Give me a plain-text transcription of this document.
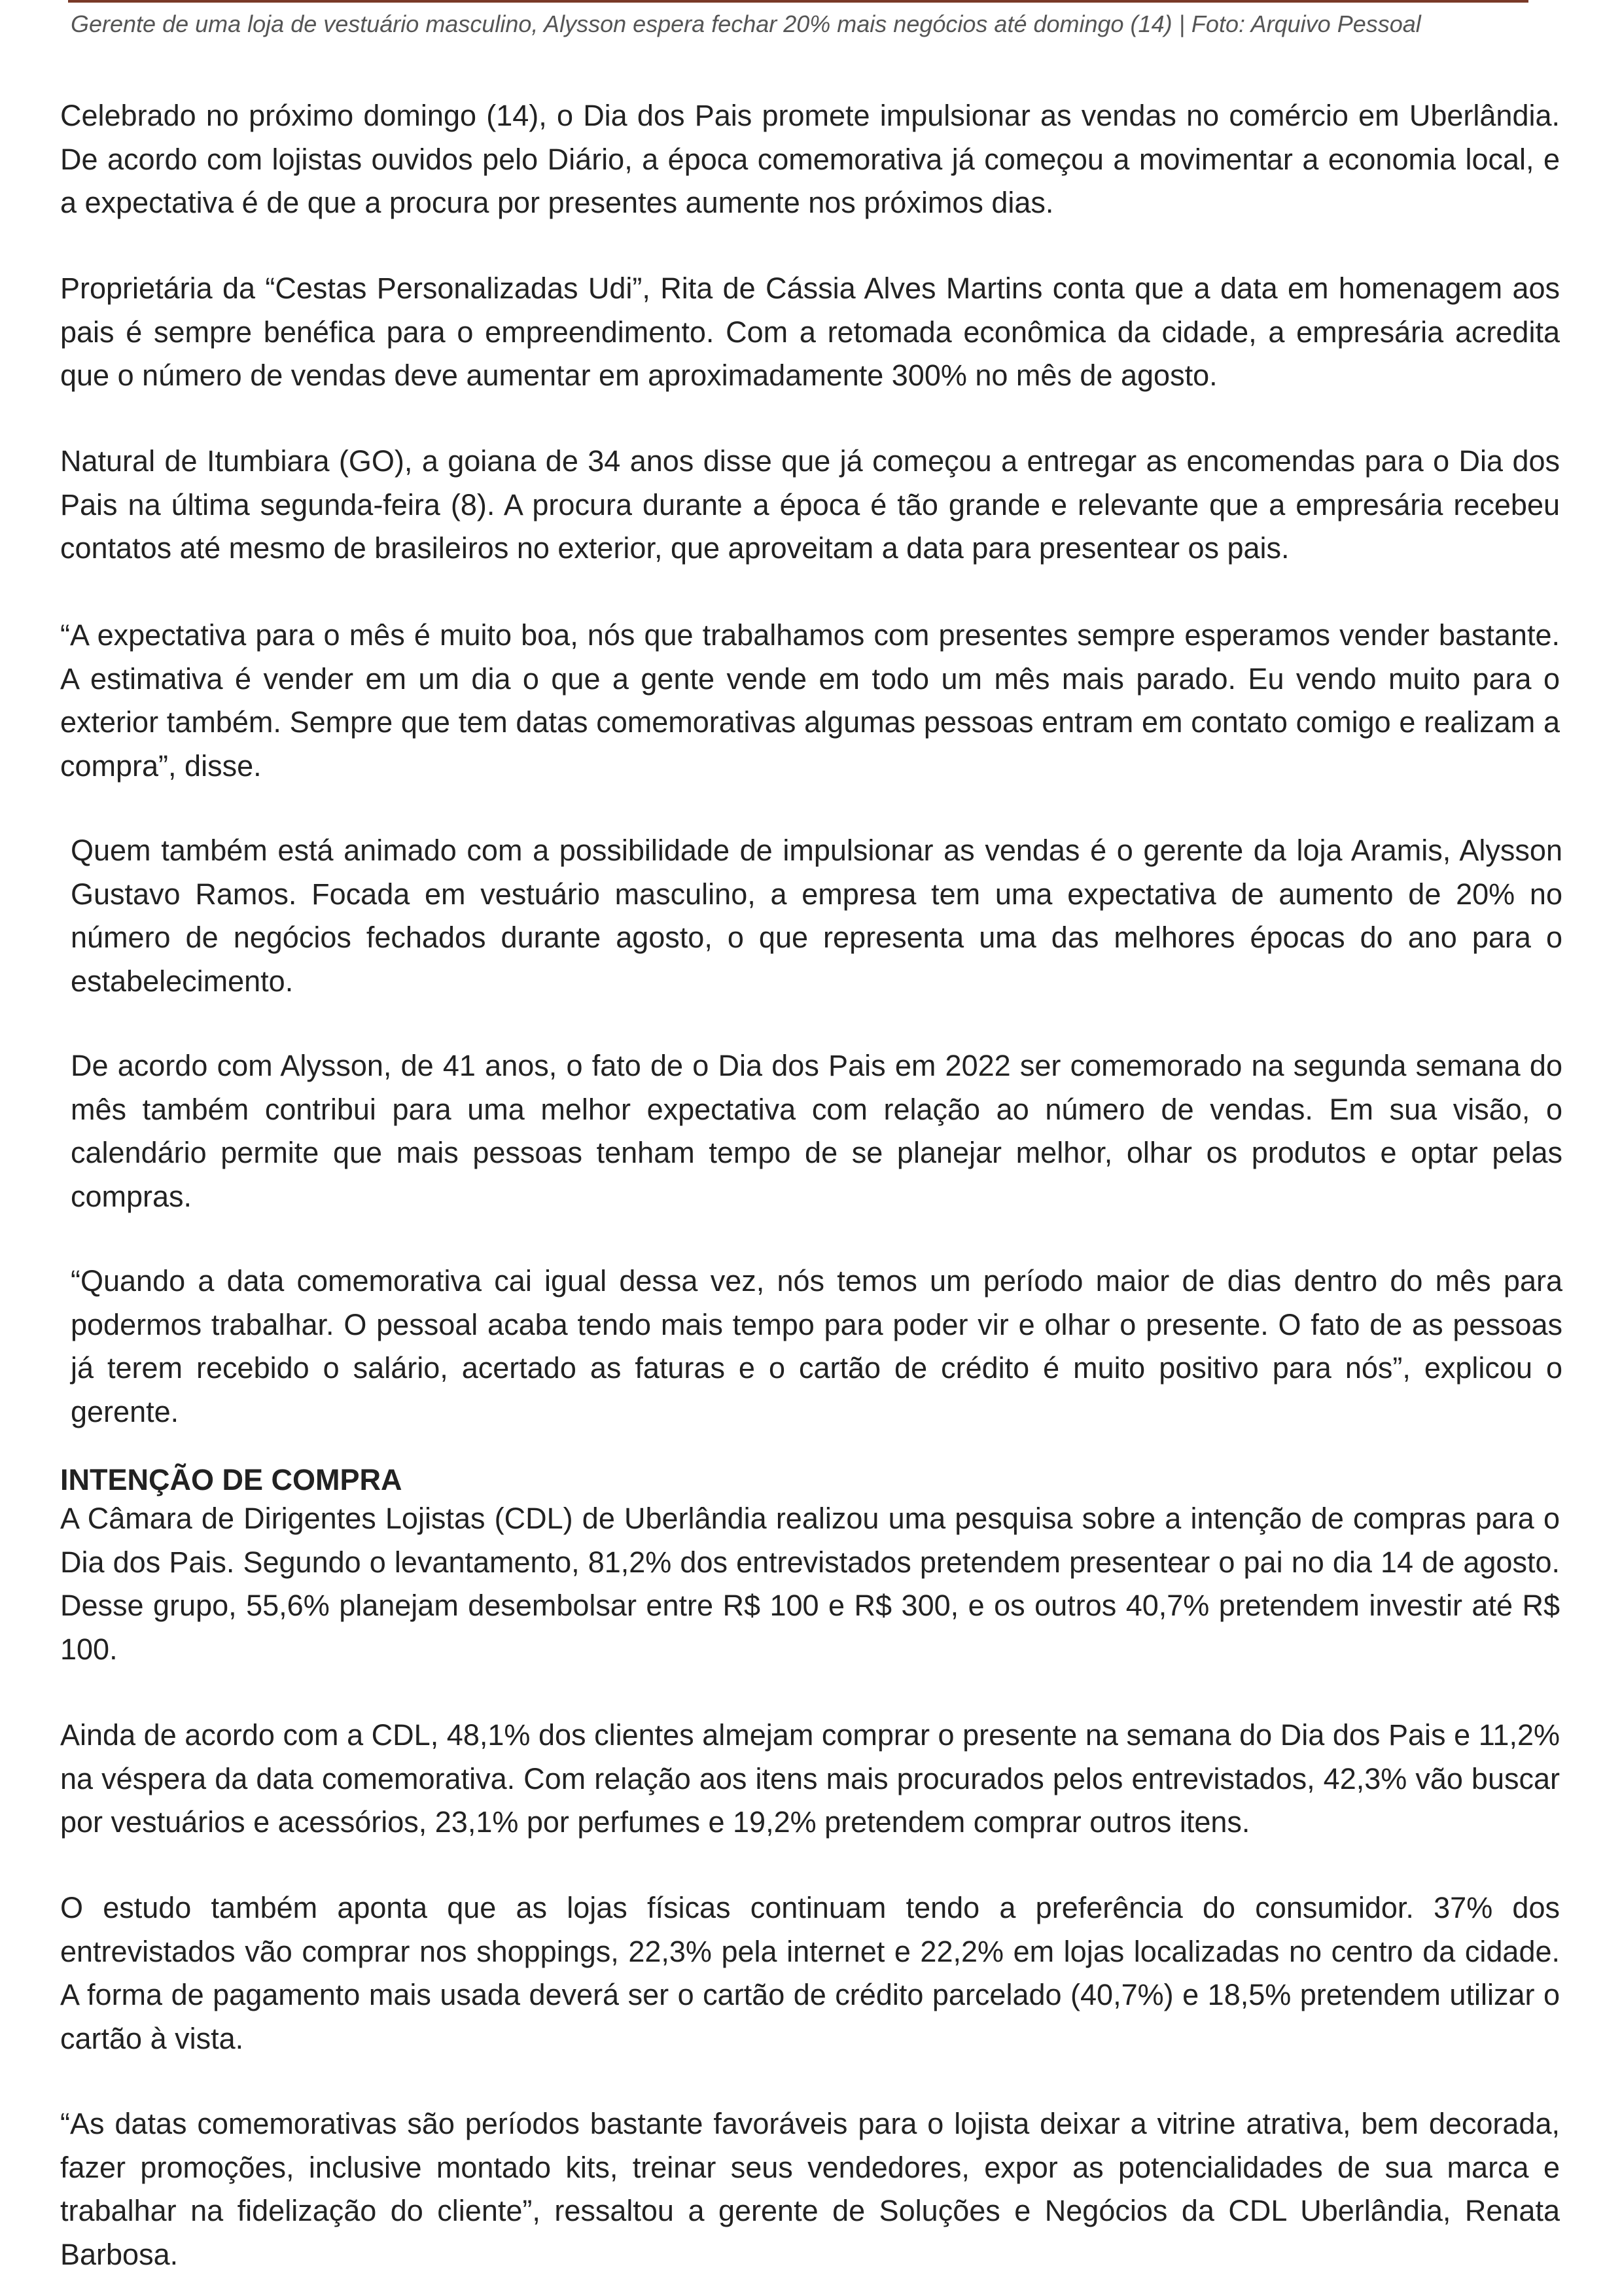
Gerente de uma loja de vestuário masculino, Alysson espera fechar 20% mais negócios até domingo (14) | Foto: Arquivo Pessoal

Celebrado no próximo domingo (14), o Dia dos Pais promete impulsionar as vendas no comércio em Uberlândia. De acordo com lojistas ouvidos pelo Diário, a época comemorativa já começou a movimentar a economia local, e a expectativa é de que a procura por presentes aumente nos próximos dias.

Proprietária da “Cestas Personalizadas Udi”, Rita de Cássia Alves Martins conta que a data em homenagem aos pais é sempre benéfica para o empreendimento. Com a retomada econômica da cidade, a empresária acredita que o número de vendas deve aumentar em aproximadamente 300% no mês de agosto.

Natural de Itumbiara (GO), a goiana de 34 anos disse que já começou a entregar as encomendas para o Dia dos Pais na última segunda-feira (8). A procura durante a época é tão grande e relevante que a empresária recebeu contatos até mesmo de brasileiros no exterior, que aproveitam a data para presentear os pais.

“A expectativa para o mês é muito boa, nós que trabalhamos com presentes sempre esperamos vender bastante. A estimativa é vender em um dia o que a gente vende em todo um mês mais parado. Eu vendo muito para o exterior também. Sempre que tem datas comemorativas algumas pessoas entram em contato comigo e realizam a compra”, disse.

Quem também está animado com a possibilidade de impulsionar as vendas é o gerente da loja Aramis, Alysson Gustavo Ramos. Focada em vestuário masculino, a empresa tem uma expectativa de aumento de 20% no número de negócios fechados durante agosto, o que representa uma das melhores épocas do ano para o estabelecimento.

De acordo com Alysson, de 41 anos, o fato de o Dia dos Pais em 2022 ser comemorado na segunda semana do mês também contribui para uma melhor expectativa com relação ao número de vendas. Em sua visão, o calendário permite que mais pessoas tenham tempo de se planejar melhor, olhar os produtos e optar pelas compras.

“Quando a data comemorativa cai igual dessa vez, nós temos um período maior de dias dentro do mês para podermos trabalhar. O pessoal acaba tendo mais tempo para poder vir e olhar o presente. O fato de as pessoas já terem recebido o salário, acertado as faturas e o cartão de crédito é muito positivo para nós”, explicou o gerente.

INTENÇÃO DE COMPRA

A Câmara de Dirigentes Lojistas (CDL) de Uberlândia realizou uma pesquisa sobre a intenção de compras para o Dia dos Pais. Segundo o levantamento, 81,2% dos entrevistados pretendem presentear o pai no dia 14 de agosto. Desse grupo, 55,6% planejam desembolsar entre R$ 100 e R$ 300, e os outros 40,7% pretendem investir até R$ 100.

Ainda de acordo com a CDL, 48,1% dos clientes almejam comprar o presente na semana do Dia dos Pais e 11,2% na véspera da data comemorativa. Com relação aos itens mais procurados pelos entrevistados, 42,3% vão buscar por vestuários e acessórios, 23,1% por perfumes e 19,2% pretendem comprar outros itens.

O estudo também aponta que as lojas físicas continuam tendo a preferência do consumidor. 37% dos entrevistados vão comprar nos shoppings, 22,3% pela internet e 22,2% em lojas localizadas no centro da cidade. A forma de pagamento mais usada deverá ser o cartão de crédito parcelado (40,7%) e 18,5% pretendem utilizar o cartão à vista.

“As datas comemorativas são períodos bastante favoráveis para o lojista deixar a vitrine atrativa, bem decorada, fazer promoções, inclusive montado kits, treinar seus vendedores, expor as potencialidades de sua marca e trabalhar na fidelização do cliente”, ressaltou a gerente de Soluções e Negócios da CDL Uberlândia, Renata Barbosa.
